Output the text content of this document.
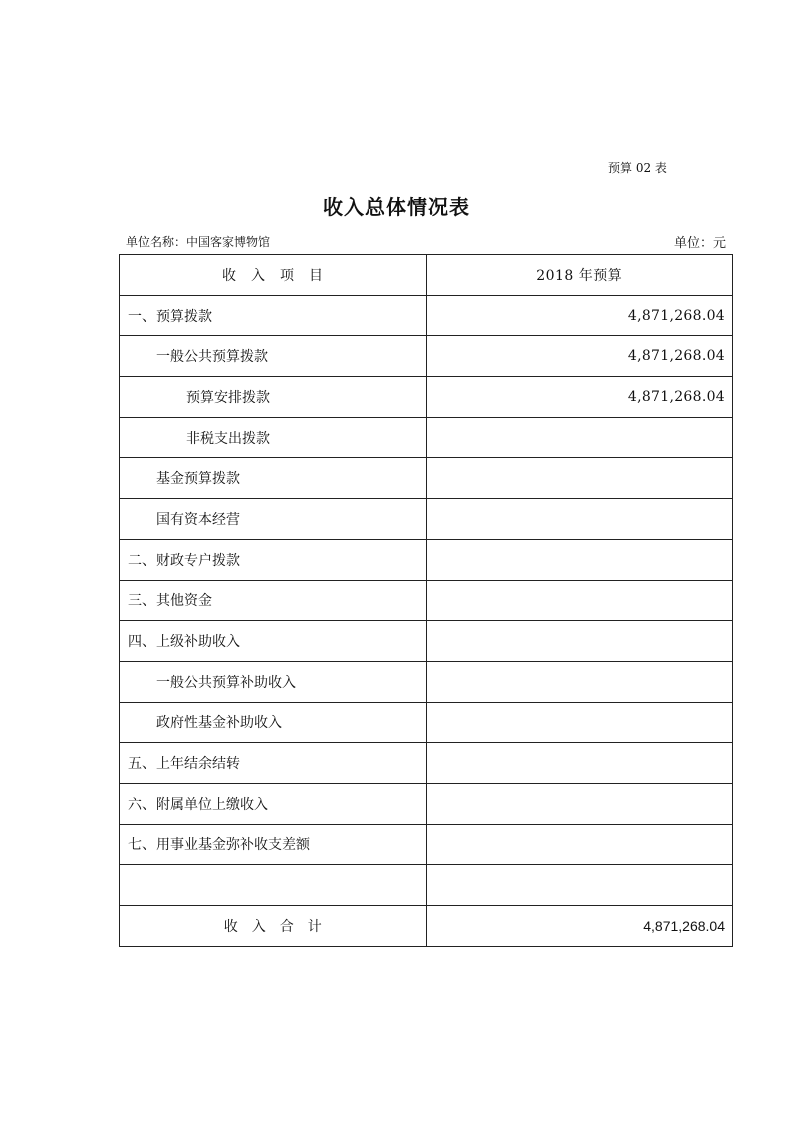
预算 02 表
收入总体情况表
单位名称：中国客家博物馆	单位：元
收　入　项　目	2018 年预算
一、预算拨款	4,871,268.04
一般公共预算拨款	4,871,268.04
预算安排拨款	4,871,268.04
非税支出拨款	
基金预算拨款	
国有资本经营	
二、财政专户拨款	
三、其他资金	
四、上级补助收入	
一般公共预算补助收入	
政府性基金补助收入	
五、上年结余结转	
六、附属单位上缴收入	
七、用事业基金弥补收支差额	

收　入　合　计	4,871,268.04
